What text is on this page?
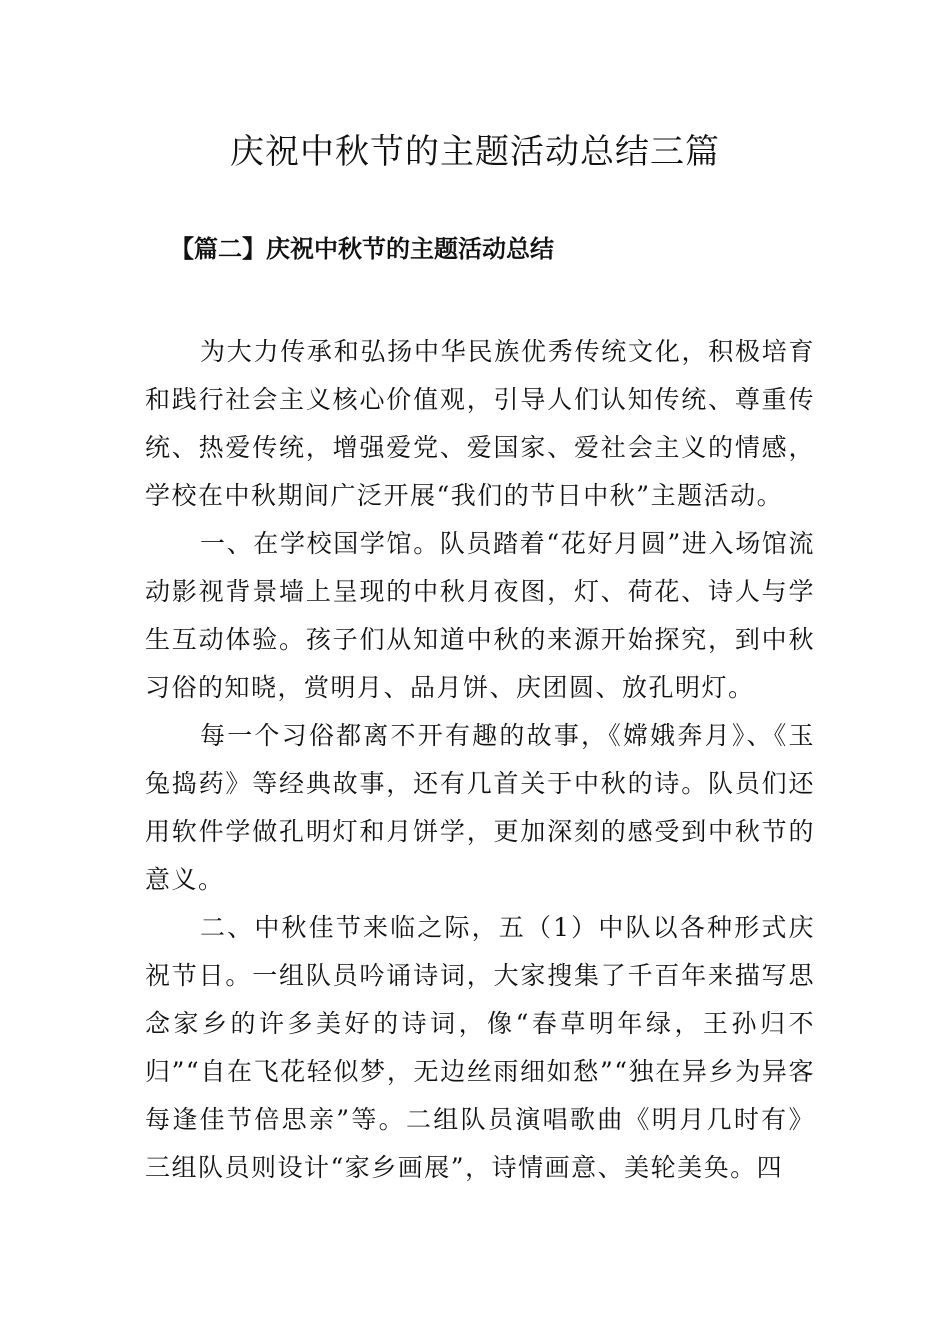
庆祝中秋节的主题活动总结三篇
【篇二】庆祝中秋节的主题活动总结

为大力传承和弘扬中华民族优秀传统文化，积极培育和践行社会主义核心价值观，引导人们认知传统、尊重传统、热爱传统，增强爱党、爱国家、爱社会主义的情感，学校在中秋期间广泛开展“我们的节日中秋”主题活动。

一、在学校国学馆。队员踏着“花好月圆”进入场馆流动影视背景墙上呈现的中秋月夜图，灯、荷花、诗人与学生互动体验。孩子们从知道中秋的来源开始探究，到中秋习俗的知晓，赏明月、品月饼、庆团圆、放孔明灯。

每一个习俗都离不开有趣的故事，《嫦娥奔月》、《玉兔捣药》等经典故事，还有几首关于中秋的诗。队员们还用软件学做孔明灯和月饼学，更加深刻的感受到中秋节的意义。

二、中秋佳节来临之际，五（1）中队以各种形式庆祝节日。一组队员吟诵诗词，大家搜集了千百年来描写思念家乡的许多美好的诗词，像“春草明年绿，王孙归不归”“自在飞花轻似梦，无边丝雨细如愁”“独在异乡为异客每逢佳节倍思亲”等。二组队员演唱歌曲《明月几时有》三组队员则设计“家乡画展”，诗情画意、美轮美奂。四
